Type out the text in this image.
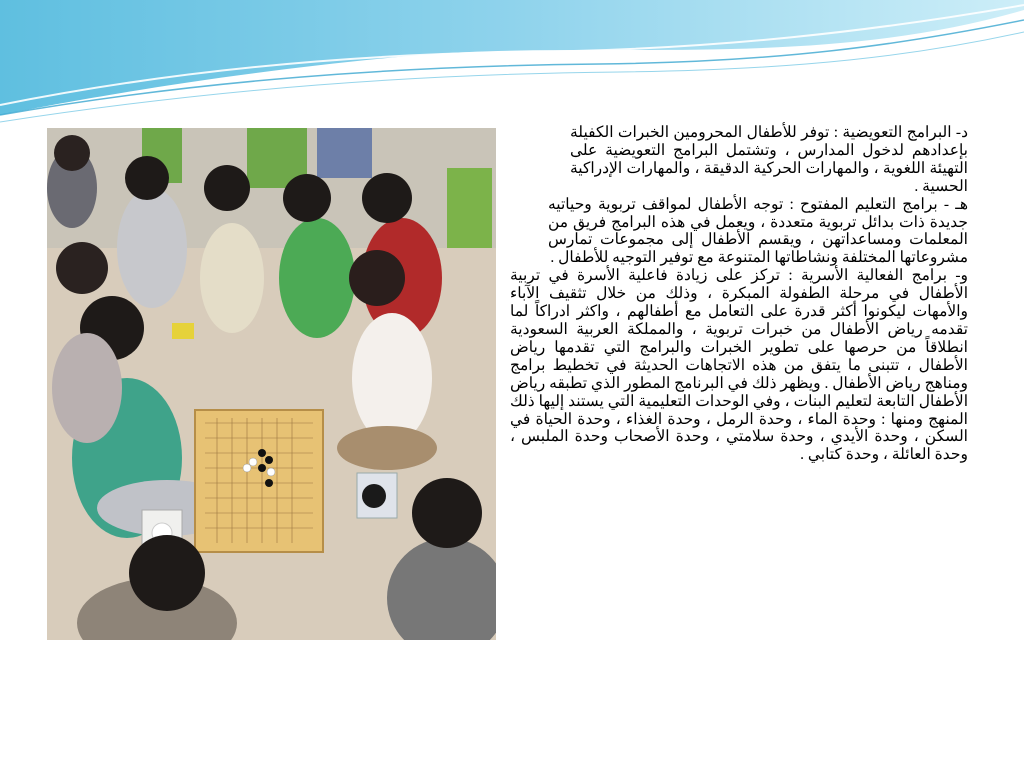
د- البرامج التعويضية : توفر للأطفال المحرومين الخبرات الكفيلة بإعدادهم لدخول المدارس ، وتشتمل البرامج التعويضية على التهيئة اللغوية ، والمهارات الحركية الدقيقة ، والمهارات الإدراكية الحسية .

هـ - برامج التعليم المفتوح : توجه الأطفال لمواقف تربوية وحياتيه جديدة ذات بدائل تربوية متعددة ، ويعمل في هذه البرامج فريق من المعلمات ومساعداتهن ، ويقسم الأطفال إلى مجموعات تمارس مشروعاتها المختلفة ونشاطاتها المتنوعة مع توفير التوجيه للأطفال .

و- برامج الفعالية الأسرية : تركز على زيادة فاعلية الأسرة في تربية الأطفال في مرحلة الطفولة المبكرة ، وذلك من خلال تثقيف الآباء والأمهات ليكونوا أكثر قدرة على التعامل مع أطفالهم ، واكثر ادراكاً لما تقدمه رياض الأطفال من خبرات تربوية ، والمملكة العربية السعودية انطلاقاً من حرصها على تطوير الخبرات والبرامج التي تقدمها رياض الأطفال ، تتبنى ما يتفق من هذه الاتجاهات الحديثة في تخطيط برامج ومناهج رياض الأطفال . ويظهر ذلك في البرنامج المطور الذي تطبقه رياض الأطفال التابعة لتعليم البنات ، وفي الوحدات التعليمية التي يستند إليها ذلك المنهج ومنها : وحدة الماء ، وحدة الرمل ، وحدة الغذاء ، وحدة الحياة في السكن ، وحدة الأيدي ، وحدة سلامتي ، وحدة الأصحاب وحدة الملبس ، وحدة العائلة ، وحدة كتابي .
